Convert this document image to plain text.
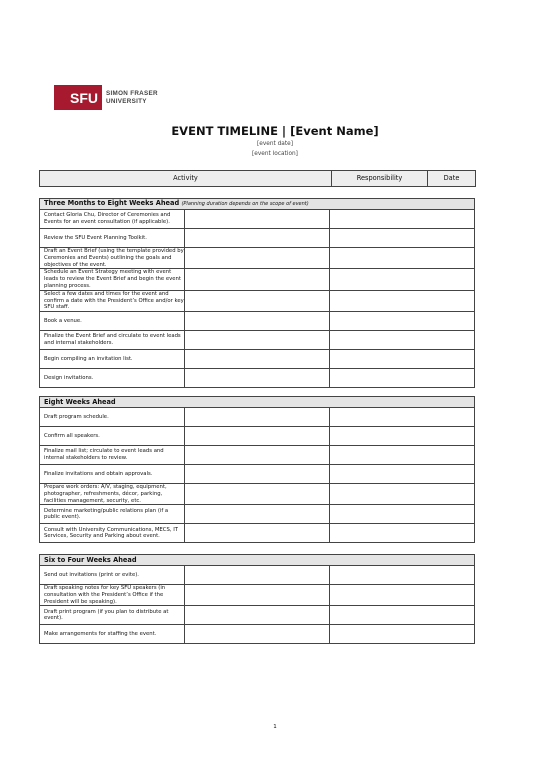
SFU	SIMON FRASER
UNIVERSITY
EVENT TIMELINE | [Event Name]
[event date]
[event location]
Activity	Responsibility	Date
Three Months to Eight Weeks Ahead (Planning duration depends on the scope of event)		
Contact Gloria Chu, Director of Ceremonies and Events for an event consultation (if applicable).		
Review the SFU Event Planning Toolkit.		
Draft an Event Brief (using the template provided by Ceremonies and Events) outlining the goals and objectives of the event.		
Schedule an Event Strategy meeting with event leads to review the Event Brief and begin the event planning process.		
Select a few dates and times for the event and confirm a date with the President’s Office and/or key SFU staff.		
Book a venue.		
Finalize the Event Brief and circulate to event leads and internal stakeholders.		
Begin compiling an invitation list.		
Design invitations.		
Eight Weeks Ahead		
Draft program schedule.		
Confirm all speakers.		
Finalize mail list; circulate to event leads and internal stakeholders to review.		
Finalize invitations and obtain approvals.		
Prepare work orders: A/V, staging, equipment, photographer, refreshments, décor, parking, facilities management, security, etc.		
Determine marketing/public relations plan (if a public event).		
Consult with University Communications, MECS, IT Services, Security and Parking about event.		
Six to Four Weeks Ahead		
Send out invitations (print or evite).		
Draft speaking notes for key SFU speakers (in consultation with the President’s Office if the President will be speaking).		
Draft print program (if you plan to distribute at event).		
Make arrangements for staffing the event.		
1
